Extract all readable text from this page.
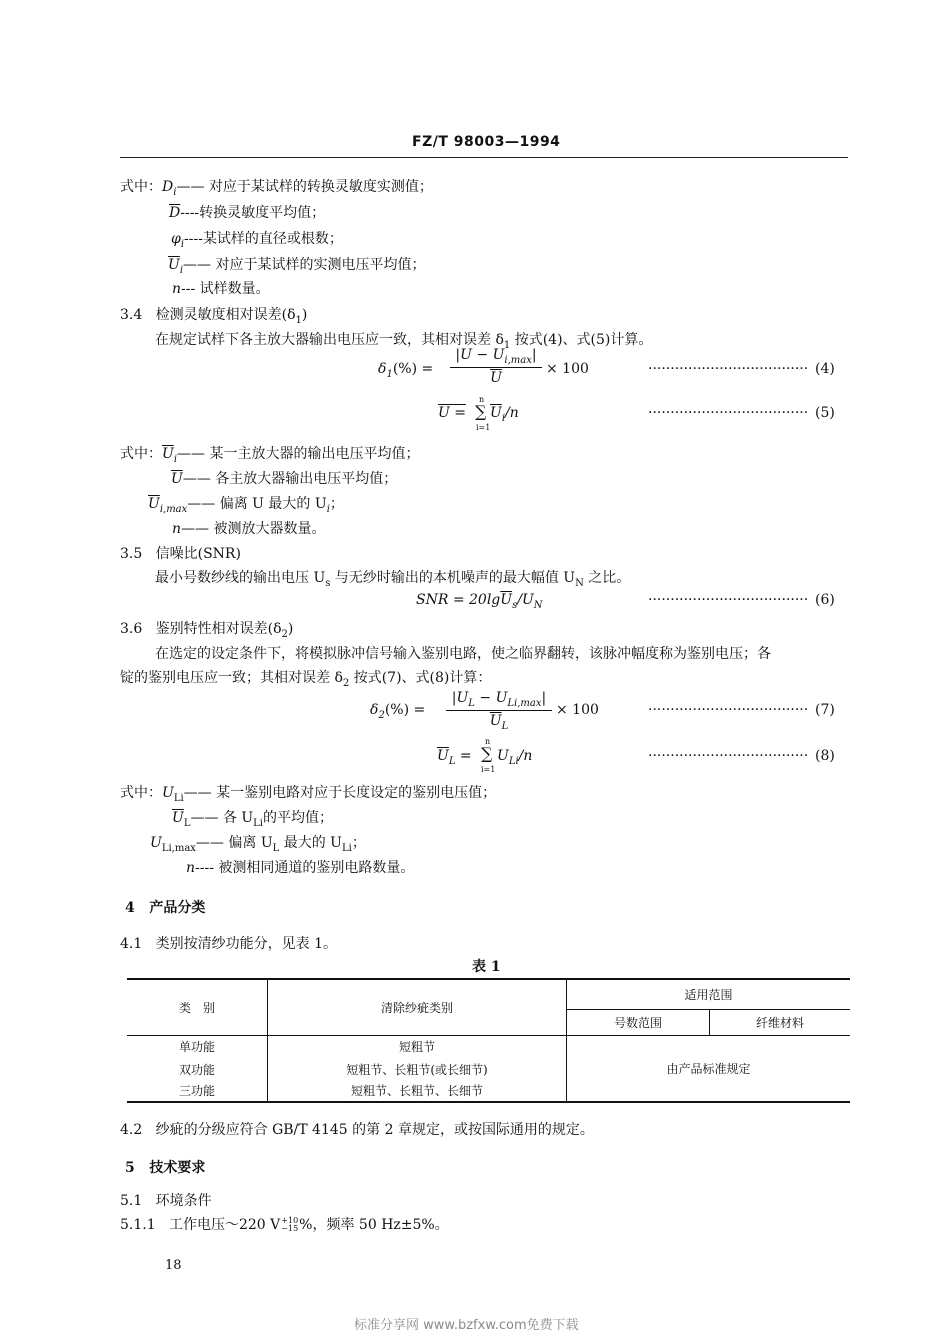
FZ/T 98003—1994
式中：$D_i——$ 对应于某试样的转换灵敏度实测值；
$\overline{D}----$转换灵敏度平均值；
$\varphi_i----$某试样的直径或根数；
$\overline{U}_i——$ 对应于某试样的实测电压平均值；
n--- 试样数量。
3.4 检测灵敏度相对误差$(\delta_1)$
在规定试样下各主放大器输出电压应一致，其相对误差 $\delta_1$ 按式(4)、式(5)计算。
$\delta_1(\%)$ =
$|U - U_{i,max}|$
$\overline{U}$
× 100	···································· (4)
U =
n
∑
i=1
$\overline{U}_i/n$	···································· (5)
式中：$\overline{U}_i——$ 某一主放大器的输出电压平均值；
$\overline{U}——$ 各主放大器输出电压平均值；
$\overline{U}_{i,max}——$ 偏离 U 最大的 $U_i$；
n—— 被测放大器数量。
3.5 信噪比(SNR)
最小号数纱线的输出电压 $U_s$ 与无纱时输出的本机噪声的最大幅值 $U_N$ 之比。
SNR = $20\lg\overline{U}_s/U_N$	···································· (6)
3.6 鉴别特性相对误差$(\delta_2)$
在选定的设定条件下，将模拟脉冲信号输入鉴别电路，使之临界翻转，该脉冲幅度称为鉴别电压；各
锭的鉴别电压应一致；其相对误差 $\delta_2$ 按式(7)、式(8)计算：
$\delta_2(\%)$ =
$|U_L - U_{Li,max}|$
$\overline{U}_L$
× 100	···································· (7)
$\overline{U}_L$ =
n
∑
i=1
$U_{Li}/n$	···································· (8)
式中：$U_{Li}——$ 某一鉴别电路对应于长度设定的鉴别电压值；
$\overline{U}_L——$ 各 $U_{Li}$的平均值；
$U_{Li,max}——$ 偏离 $U_L$ 最大的 $U_{Li}$；
n---- 被测相同通道的鉴别电路数量。
4 产品分类
4.1 类别按清纱功能分，见表 1。
表 1
类　别	清除纱疵类别	适用范围	
		号数范围	纤维材料
单功能	短粗节	由产品标准规定	
双功能	短粗节、长粗节(或长细节)		
三功能	短粗节、长粗节、长细节		
4.2 纱疵的分级应符合 GB/T 4145 的第 2 章规定，或按国际通用的规定。
5 技术要求
5.1 环境条件
5.1.1 工作电压～220 V +10
−15 %，频率 50 Hz±5%。
18
标准分享网 www.bzfxw.com免费下载
